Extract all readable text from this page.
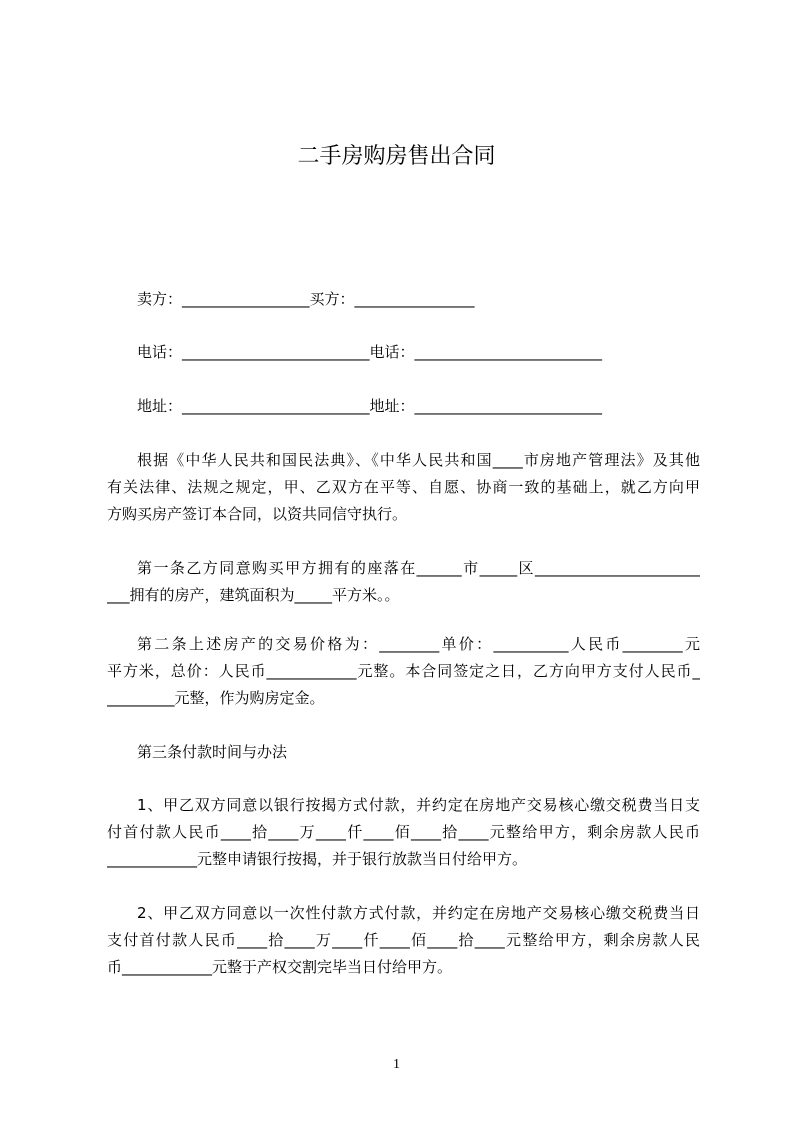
二手房购房售出合同
卖方：_________________买方：________________
电话：_________________________电话：_________________________
地址：_________________________地址：_________________________
根据《中华人民共和国民法典》、《中华人民共和国____市房地产管理法》及其他
有关法律、法规之规定，甲、乙双方在平等、自愿、协商一致的基础上，就乙方向甲
方购买房产签订本合同，以资共同信守执行。
第一条乙方同意购买甲方拥有的座落在______市_____区______________________
___拥有的房产，建筑面积为_____平方米。。
第二条上述房产的交易价格为：________单价：__________人民币________元
平方米，总价：人民币____________元整。本合同签定之日，乙方向甲方支付人民币_
_________元整，作为购房定金。
第三条付款时间与办法
1、甲乙双方同意以银行按揭方式付款，并约定在房地产交易核心缴交税费当日支
付首付款人民币____拾____万____仟____佰____拾____元整给甲方，剩余房款人民币
____________元整申请银行按揭，并于银行放款当日付给甲方。
2、甲乙双方同意以一次性付款方式付款，并约定在房地产交易核心缴交税费当日
支付首付款人民币____拾____万____仟____佰____拾____元整给甲方，剩余房款人民
币____________元整于产权交割完毕当日付给甲方。
1
